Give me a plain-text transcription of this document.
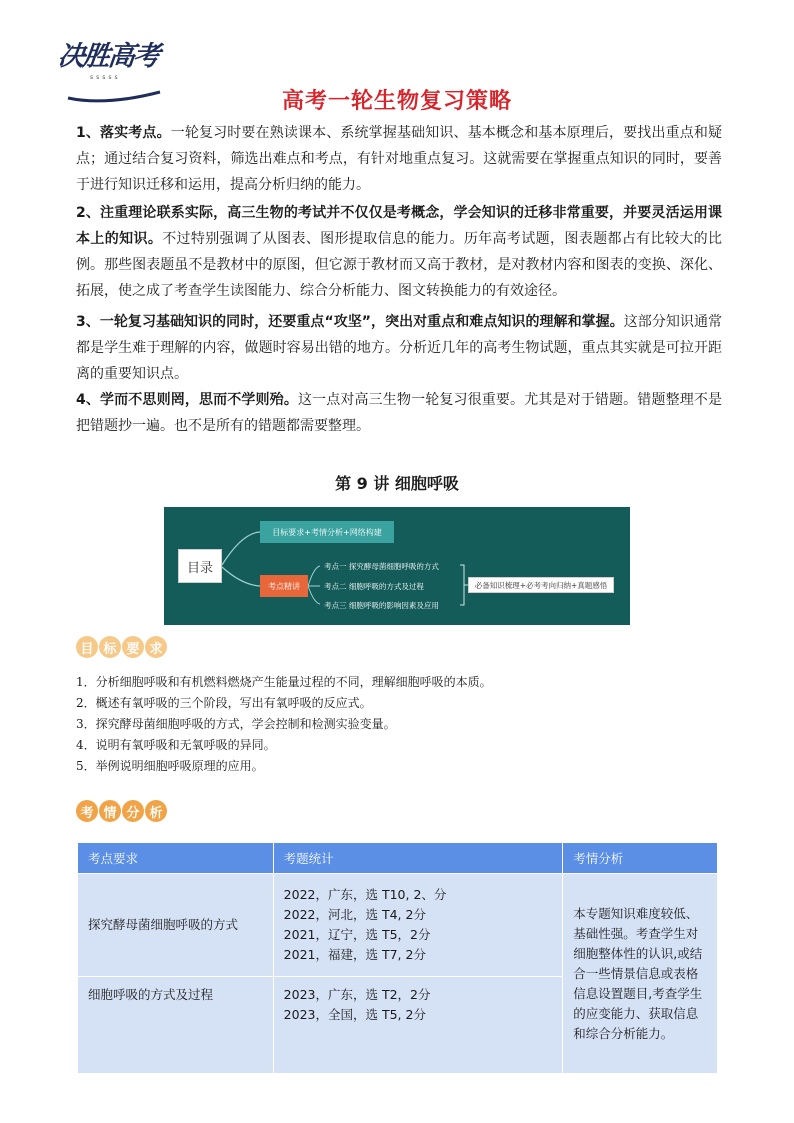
决胜高考
sssss
高考一轮生物复习策略

1、落实考点。一轮复习时要在熟读课本、系统掌握基础知识、基本概念和基本原理后，要找出重点和疑点；通过结合复习资料，筛选出难点和考点，有针对地重点复习。这就需要在掌握重点知识的同时，要善于进行知识迁移和运用，提高分析归纳的能力。

2、注重理论联系实际，高三生物的考试并不仅仅是考概念，学会知识的迁移非常重要，并要灵活运用课本上的知识。不过特别强调了从图表、图形提取信息的能力。历年高考试题，图表题都占有比较大的比例。那些图表题虽不是教材中的原图，但它源于教材而又高于教材，是对教材内容和图表的变换、深化、拓展，使之成了考查学生读图能力、综合分析能力、图文转换能力的有效途径。

3、一轮复习基础知识的同时，还要重点“攻坚”，突出对重点和难点知识的理解和掌握。这部分知识通常都是学生难于理解的内容，做题时容易出错的地方。分析近几年的高考生物试题，重点其实就是可拉开距离的重要知识点。

4、学而不思则罔，思而不学则殆。这一点对高三生物一轮复习很重要。尤其是对于错题。错题整理不是把错题抄一遍。也不是所有的错题都需要整理。

第 9 讲 细胞呼吸
目录
目标要求+考情分析+网络构建
考点精讲
考点一 探究酵母菌细胞呼吸的方式
考点二 细胞呼吸的方式及过程
考点三 细胞呼吸的影响因素及应用
必备知识梳理+必考考向归纳+真题感悟
目 标 要 求
1．分析细胞呼吸和有机燃料燃烧产生能量过程的不同，理解细胞呼吸的本质。
2．概述有氧呼吸的三个阶段，写出有氧呼吸的反应式。
3．探究酵母菌细胞呼吸的方式，学会控制和检测实验变量。
4．说明有氧呼吸和无氧呼吸的异同。
5．举例说明细胞呼吸原理的应用。
考 情 分 析
考点要求	考题统计	考情分析
探究酵母菌细胞呼吸的方式	2022，广东，选 T10, 2、分
2022，河北，选 T4, 2分
2021，辽宁，选 T5，2分
2021，福建，选 T7, 2分	本专题知识难度较低、基础性强。考查学生对细胞整体性的认识,或结合一些情景信息或表格信息设置题目,考查学生的应变能力、获取信息和综合分析能力。
细胞呼吸的方式及过程	2023，广东，选 T2，2分
2023，全国，选 T5, 2分	
